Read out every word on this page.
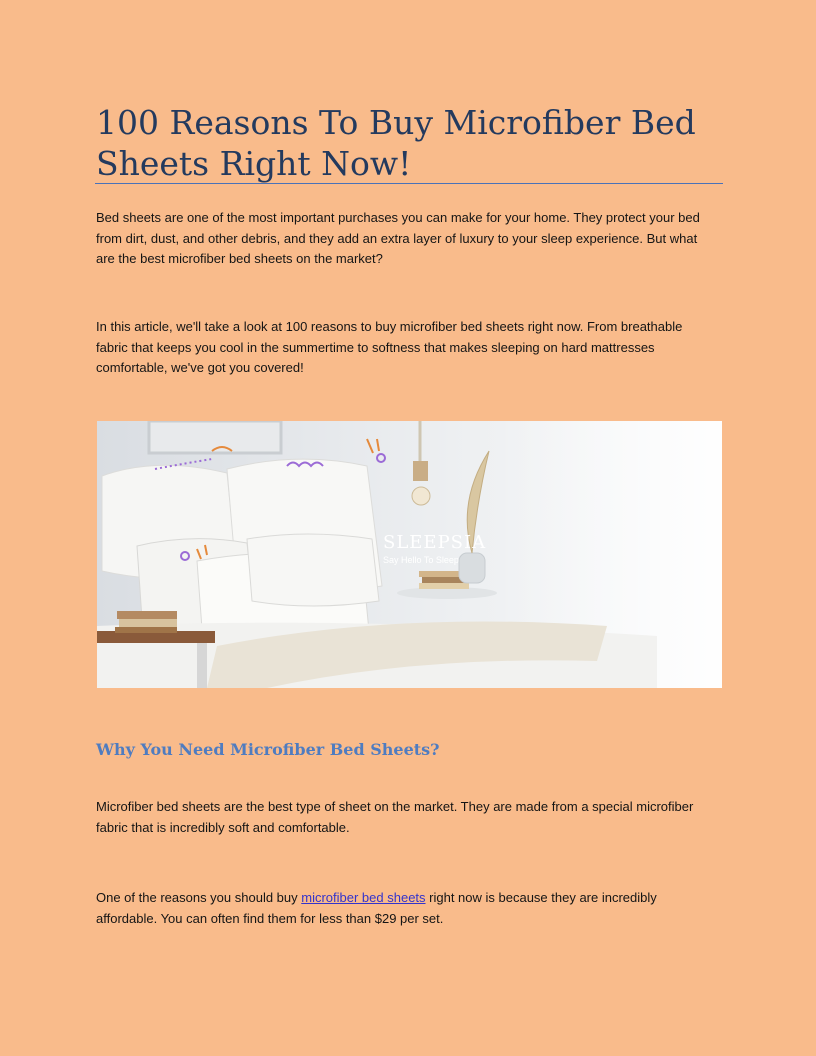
100 Reasons To Buy Microfiber Bed Sheets Right Now!

Bed sheets are one of the most important purchases you can make for your home. They protect your bed from dirt, dust, and other debris, and they add an extra layer of luxury to your sleep experience. But what are the best microfiber bed sheets on the market?

In this article, we'll take a look at 100 reasons to buy microfiber bed sheets right now. From breathable fabric that keeps you cool in the summertime to softness that makes sleeping on hard mattresses comfortable, we've got you covered!

SLEEPSIA
Say Hello To Sleep
Why You Need Microfiber Bed Sheets?

Microfiber bed sheets are the best type of sheet on the market. They are made from a special microfiber fabric that is incredibly soft and comfortable.

One of the reasons you should buy microfiber bed sheets right now is because they are incredibly affordable. You can often find them for less than $29 per set.
